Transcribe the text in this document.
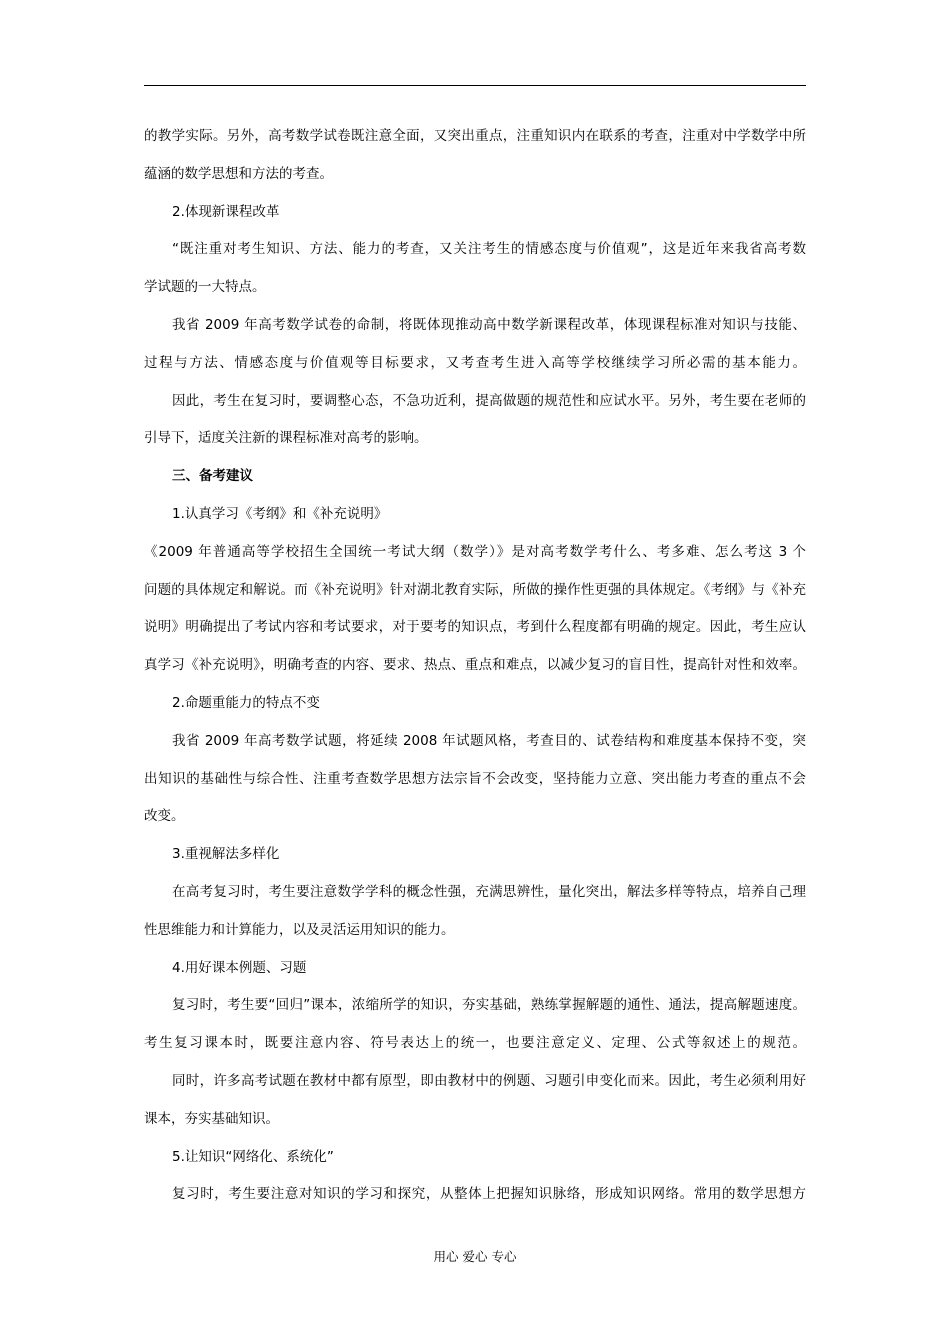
的教学实际。另外，高考数学试卷既注意全面，又突出重点，注重知识内在联系的考查，注重对中学数学中所
蕴涵的数学思想和方法的考查。
2.体现新课程改革
“既注重对考生知识、方法、能力的考查，又关注考生的情感态度与价值观”，这是近年来我省高考数
学试题的一大特点。
我省 2009 年高考数学试卷的命制，将既体现推动高中数学新课程改革，体现课程标准对知识与技能、
过程与方法、情感态度与价值观等目标要求，又考查考生进入高等学校继续学习所必需的基本能力。
因此，考生在复习时，要调整心态，不急功近利，提高做题的规范性和应试水平。另外，考生要在老师的
引导下，适度关注新的课程标准对高考的影响。
三、备考建议
1.认真学习《考纲》和《补充说明》
《2009 年普通高等学校招生全国统一考试大纲（数学）》是对高考数学考什么、考多难、怎么考这 3 个
问题的具体规定和解说。而《补充说明》针对湖北教育实际，所做的操作性更强的具体规定。《考纲》与《补充
说明》明确提出了考试内容和考试要求，对于要考的知识点，考到什么程度都有明确的规定。因此，考生应认
真学习《补充说明》，明确考查的内容、要求、热点、重点和难点，以减少复习的盲目性，提高针对性和效率。
2.命题重能力的特点不变
我省 2009 年高考数学试题，将延续 2008 年试题风格，考查目的、试卷结构和难度基本保持不变，突
出知识的基础性与综合性、注重考查数学思想方法宗旨不会改变，坚持能力立意、突出能力考查的重点不会
改变。
3.重视解法多样化
在高考复习时，考生要注意数学学科的概念性强，充满思辨性，量化突出，解法多样等特点，培养自己理
性思维能力和计算能力，以及灵活运用知识的能力。
4.用好课本例题、习题
复习时，考生要“回归”课本，浓缩所学的知识，夯实基础，熟练掌握解题的通性、通法，提高解题速度。
考生复习课本时，既要注意内容、符号表达上的统一，也要注意定义、定理、公式等叙述上的规范。
同时，许多高考试题在教材中都有原型，即由教材中的例题、习题引申变化而来。因此，考生必须利用好
课本，夯实基础知识。
5.让知识“网络化、系统化”
复习时，考生要注意对知识的学习和探究，从整体上把握知识脉络，形成知识网络。常用的数学思想方
用心 爱心 专心
